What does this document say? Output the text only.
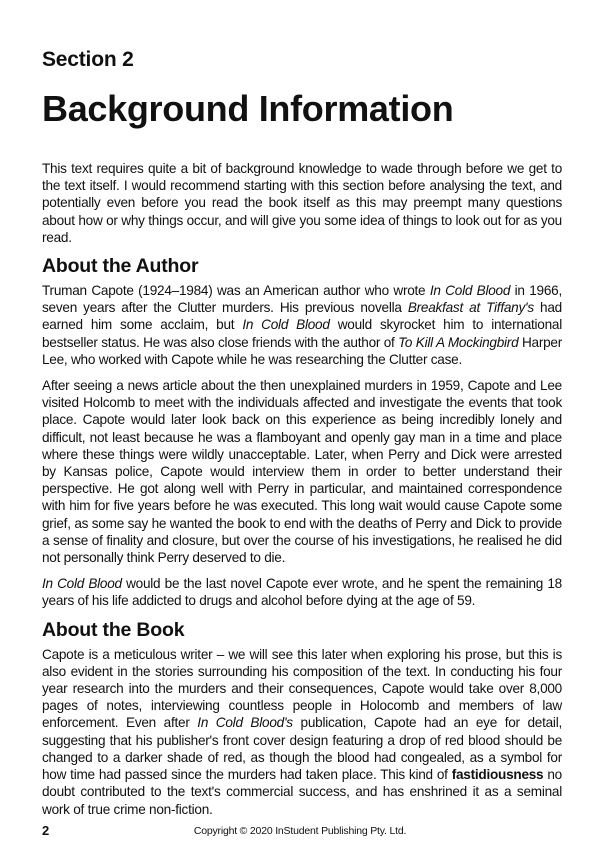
Section 2
Background Information

This text requires quite a bit of background knowledge to wade through before we get to the text itself. I would recommend starting with this section before analysing the text, and potentially even before you read the book itself as this may preempt many questions about how or why things occur, and will give you some idea of things to look out for as you read.

About the Author

Truman Capote (1924–1984) was an American author who wrote In Cold Blood in 1966, seven years after the Clutter murders. His previous novella Breakfast at Tiffany's had earned him some acclaim, but In Cold Blood would skyrocket him to international bestseller status. He was also close friends with the author of To Kill A Mockingbird Harper Lee, who worked with Capote while he was researching the Clutter case.

After seeing a news article about the then unexplained murders in 1959, Capote and Lee visited Holcomb to meet with the individuals affected and investigate the events that took place. Capote would later look back on this experience as being incredibly lonely and difficult, not least because he was a flamboyant and openly gay man in a time and place where these things were wildly unacceptable. Later, when Perry and Dick were arrested by Kansas police, Capote would interview them in order to better understand their perspective. He got along well with Perry in particular, and maintained correspondence with him for five years before he was executed. This long wait would cause Capote some grief, as some say he wanted the book to end with the deaths of Perry and Dick to provide a sense of finality and closure, but over the course of his investigations, he realised he did not personally think Perry deserved to die.

In Cold Blood would be the last novel Capote ever wrote, and he spent the remaining 18 years of his life addicted to drugs and alcohol before dying at the age of 59.

About the Book

Capote is a meticulous writer – we will see this later when exploring his prose, but this is also evident in the stories surrounding his composition of the text. In conducting his four year research into the murders and their consequences, Capote would take over 8,000 pages of notes, interviewing countless people in Holocomb and members of law enforcement. Even after In Cold Blood's publication, Capote had an eye for detail, suggesting that his publisher's front cover design featuring a drop of red blood should be changed to a darker shade of red, as though the blood had congealed, as a symbol for how time had passed since the murders had taken place. This kind of fastidiousness no doubt contributed to the text's commercial success, and has enshrined it as a seminal work of true crime non-fiction.

2	Copyright © 2020 InStudent Publishing Pty. Ltd.
